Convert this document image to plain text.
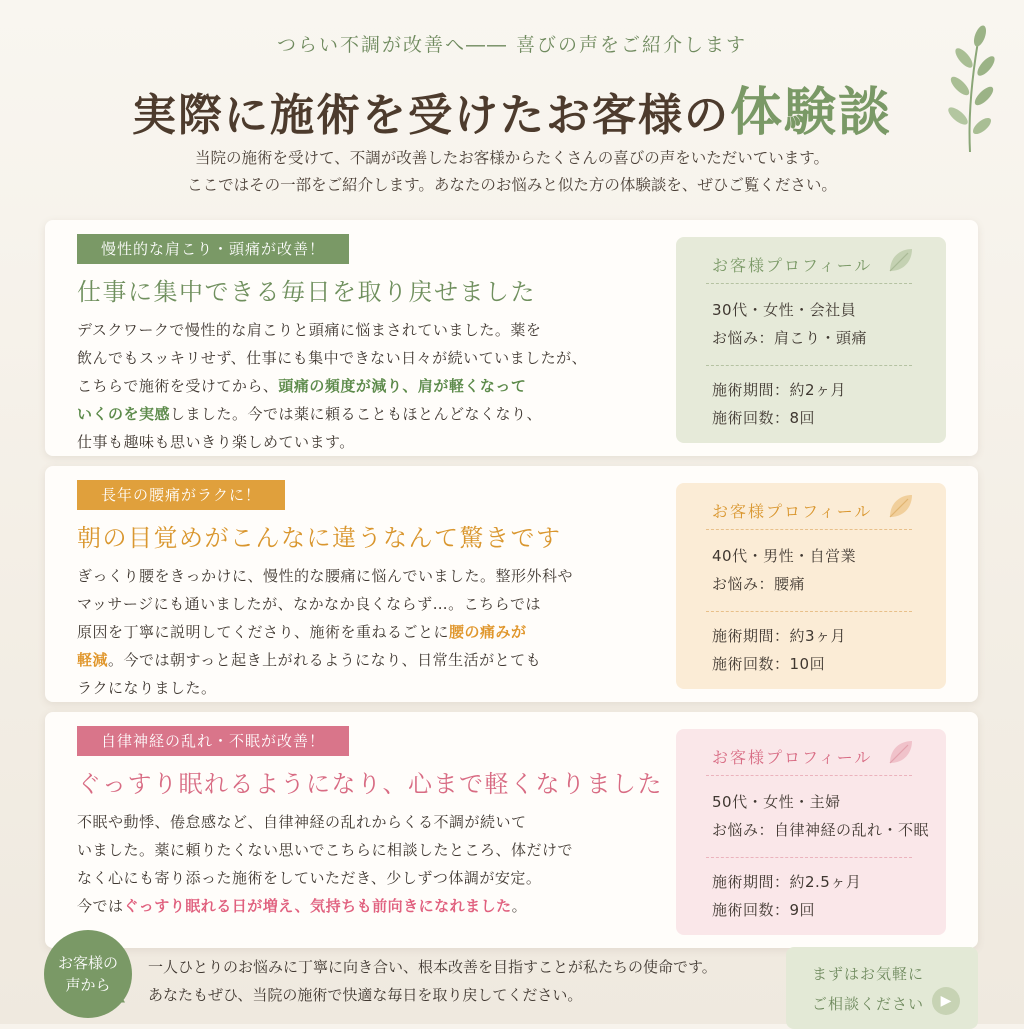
つらい不調が改善へ―― 喜びの声をご紹介します
実際に施術を受けたお客様の体験談
当院の施術を受けて、不調が改善したお客様からたくさんの喜びの声をいただいています。
ここではその一部をご紹介します。あなたのお悩みと似た方の体験談を、ぜひご覧ください。
慢性的な肩こり・頭痛が改善！
仕事に集中できる毎日を取り戻せました
デスクワークで慢性的な肩こりと頭痛に悩まされていました。薬を
飲んでもスッキリせず、仕事にも集中できない日々が続いていましたが、
こちらで施術を受けてから、頭痛の頻度が減り、肩が軽くなって
いくのを実感しました。今では薬に頼ることもほとんどなくなり、
仕事も趣味も思いきり楽しめています。
お客様プロフィール
30代・女性・会社員
お悩み：肩こり・頭痛
施術期間：約2ヶ月
施術回数：8回
長年の腰痛がラクに！
朝の目覚めがこんなに違うなんて驚きです
ぎっくり腰をきっかけに、慢性的な腰痛に悩んでいました。整形外科や
マッサージにも通いましたが、なかなか良くならず…。こちらでは
原因を丁寧に説明してくださり、施術を重ねるごとに腰の痛みが
軽減。今では朝すっと起き上がれるようになり、日常生活がとても
ラクになりました。
お客様プロフィール
40代・男性・自営業
お悩み：腰痛
施術期間：約3ヶ月
施術回数：10回
自律神経の乱れ・不眠が改善！
ぐっすり眠れるようになり、心まで軽くなりました
不眠や動悸、倦怠感など、自律神経の乱れからくる不調が続いて
いました。薬に頼りたくない思いでこちらに相談したところ、体だけで
なく心にも寄り添った施術をしていただき、少しずつ体調が安定。
今ではぐっすり眠れる日が増え、気持ちも前向きになれました。
お客様プロフィール
50代・女性・主婦
お悩み：自律神経の乱れ・不眠
施術期間：約2.5ヶ月
施術回数：9回
お客様の
声から
一人ひとりのお悩みに丁寧に向き合い、根本改善を目指すことが私たちの使命です。
あなたもぜひ、当院の施術で快適な毎日を取り戻してください。
まずはお気軽に
ご相談ください	▶
